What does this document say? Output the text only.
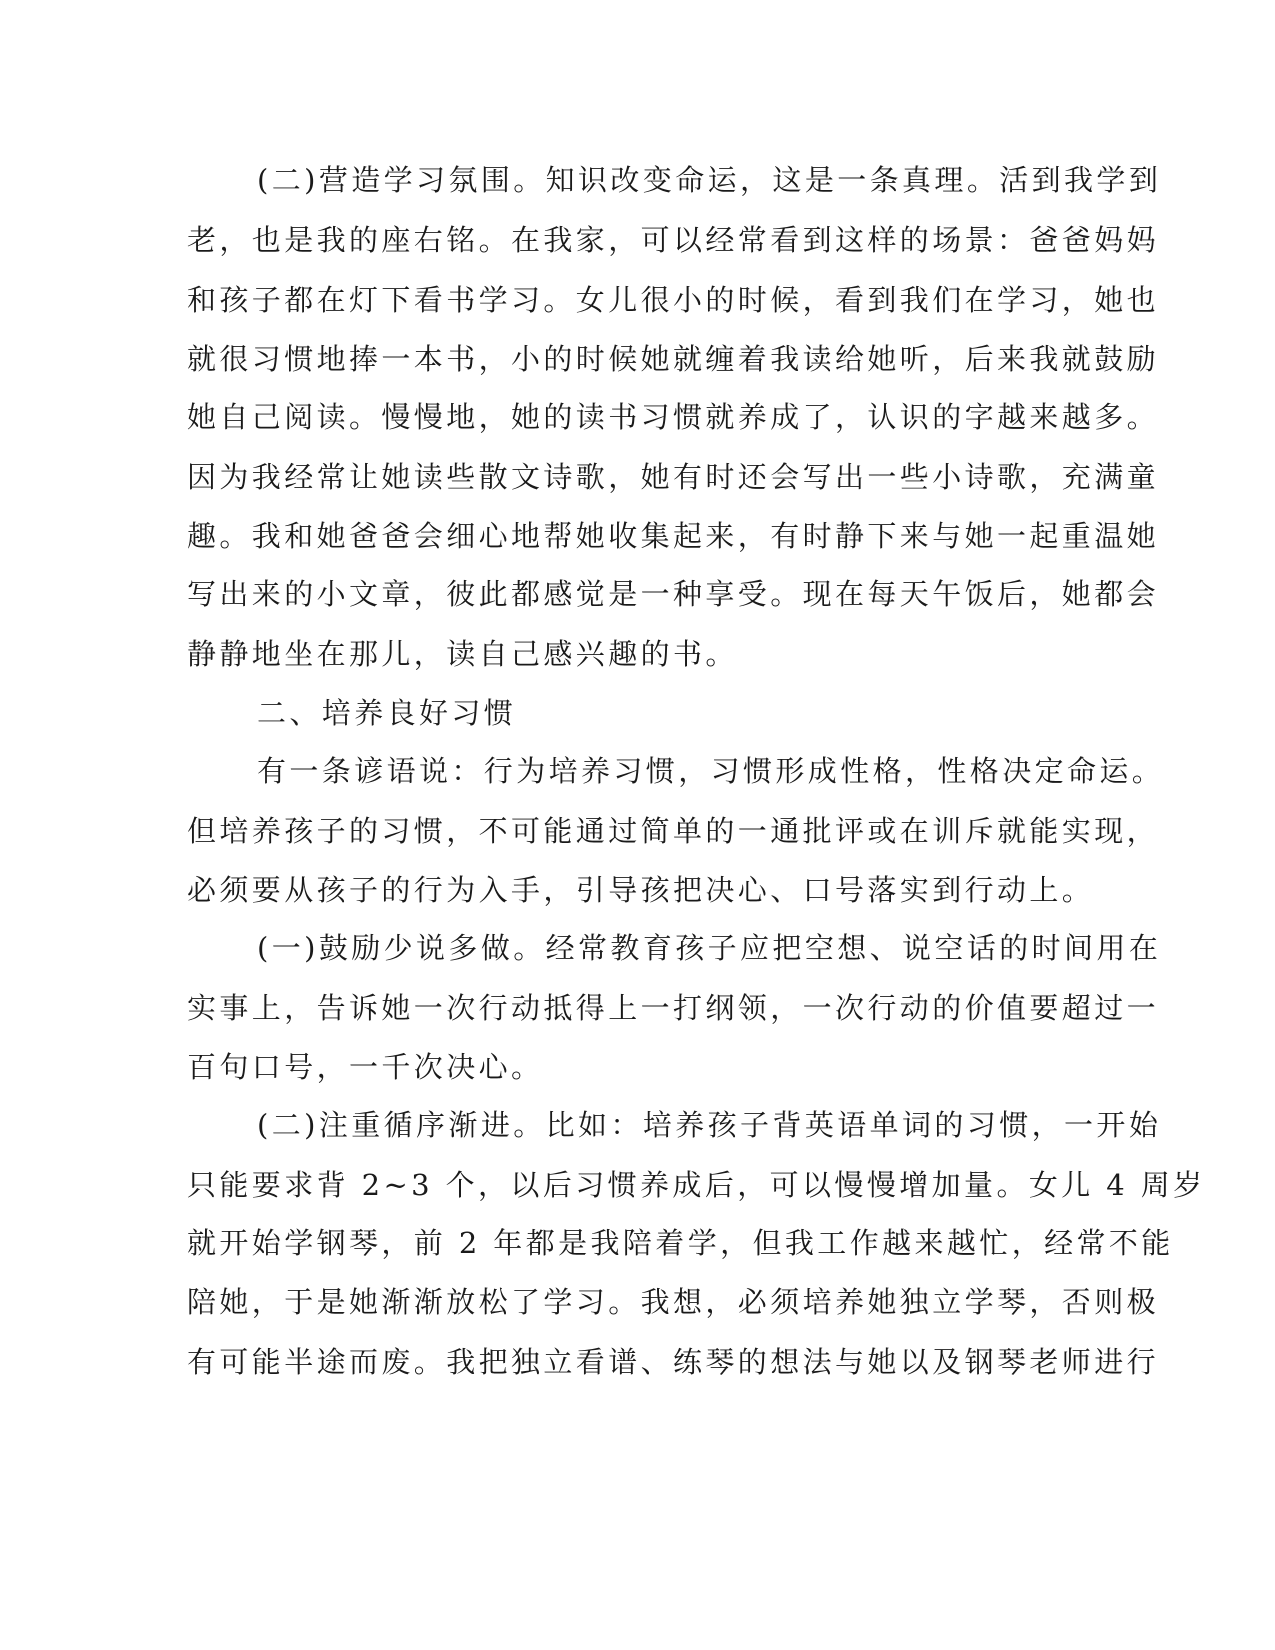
(二)营造学习氛围。知识改变命运，这是一条真理。活到我学到
老，也是我的座右铭。在我家，可以经常看到这样的场景：爸爸妈妈
和孩子都在灯下看书学习。女儿很小的时候，看到我们在学习，她也
就很习惯地捧一本书，小的时候她就缠着我读给她听，后来我就鼓励
她自己阅读。慢慢地，她的读书习惯就养成了，认识的字越来越多。
因为我经常让她读些散文诗歌，她有时还会写出一些小诗歌，充满童
趣。我和她爸爸会细心地帮她收集起来，有时静下来与她一起重温她
写出来的小文章，彼此都感觉是一种享受。现在每天午饭后，她都会
静静地坐在那儿，读自己感兴趣的书。
二、培养良好习惯
有一条谚语说：行为培养习惯，习惯形成性格，性格决定命运。
但培养孩子的习惯，不可能通过简单的一通批评或在训斥就能实现，
必须要从孩子的行为入手，引导孩把决心、口号落实到行动上。
(一)鼓励少说多做。经常教育孩子应把空想、说空话的时间用在
实事上，告诉她一次行动抵得上一打纲领，一次行动的价值要超过一
百句口号，一千次决心。
(二)注重循序渐进。比如：培养孩子背英语单词的习惯，一开始
只能要求背 2~3 个，以后习惯养成后，可以慢慢增加量。女儿 4 周岁
就开始学钢琴，前 2 年都是我陪着学，但我工作越来越忙，经常不能
陪她，于是她渐渐放松了学习。我想，必须培养她独立学琴，否则极
有可能半途而废。我把独立看谱、练琴的想法与她以及钢琴老师进行
